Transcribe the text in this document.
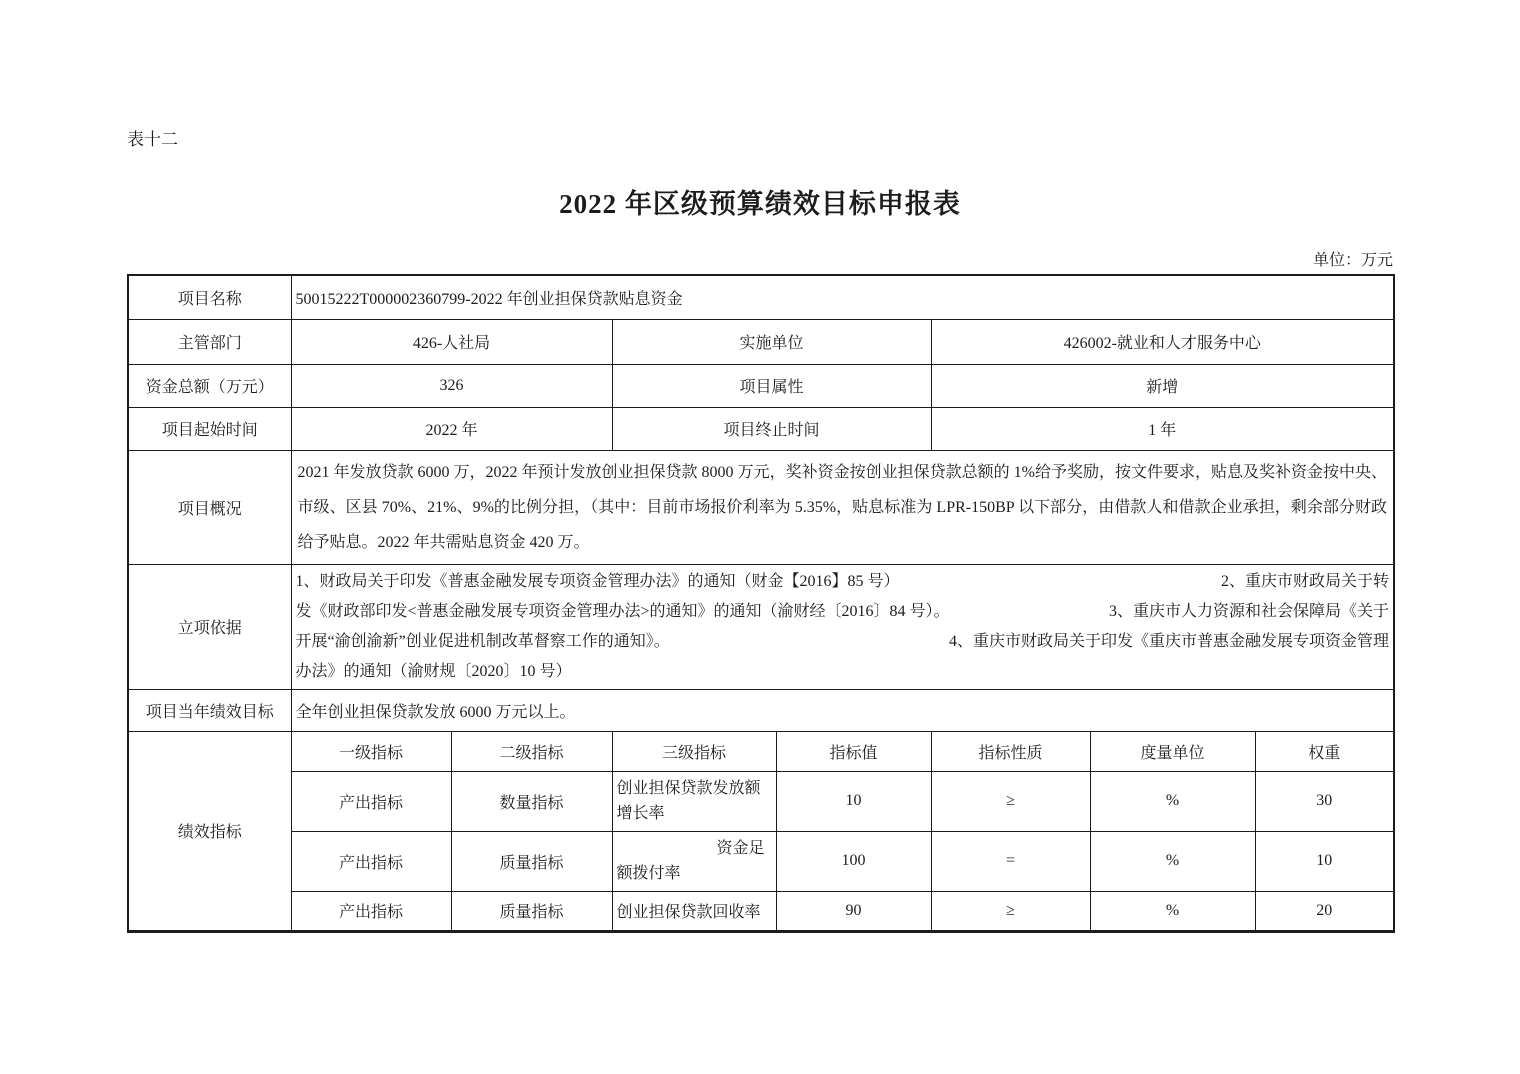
表十二
2022 年区级预算绩效目标申报表
单位：万元
项目名称	50015222T000002360799-2022 年创业担保贷款贴息资金						
主管部门	426-人社局		实施单位		426002-就业和人才服务中心		
资金总额（万元）	326		项目属性		新增		
项目起始时间	2022 年		项目终止时间		1 年		
项目概况	2021 年发放贷款 6000 万，2022 年预计发放创业担保贷款 8000 万元，奖补资金按创业担保贷款总额的 1%给予奖励，按文件要求，贴息及奖补资金按中央、市级、区县 70%、21%、9%的比例分担，（其中：目前市场报价利率为 5.35%，贴息标准为 LPR-150BP 以下部分，由借款人和借款企业承担，剩余部分财政给予贴息。2022 年共需贴息资金 420 万。						

立项依据	
1、财政局关于印发《普惠金融发展专项资金管理办法》的通知（财金【2016】85 号）	2、重庆市财政局关于转
发《财政部印发<普惠金融发展专项资金管理办法>的通知》的通知（渝财经〔2016〕84 号）。	3、重庆市人力资源和社会保障局《关于
开展“渝创渝新”创业促进机制改革督察工作的通知》。	4、重庆市财政局关于印发《重庆市普惠金融发展专项资金管理
办法》的通知（渝财规〔2020〕10 号）

项目当年绩效目标	全年创业担保贷款发放 6000 万元以上。						
绩效指标	一级指标	二级指标	三级指标	指标值	指标性质	度量单位	权重
	产出指标	数量指标	创业担保贷款发放额增长率	10	≥	%	30
	产出指标	质量指标	资金足额拨付率	100	=	%	10
	产出指标	质量指标	创业担保贷款回收率	90	≥	%	20
